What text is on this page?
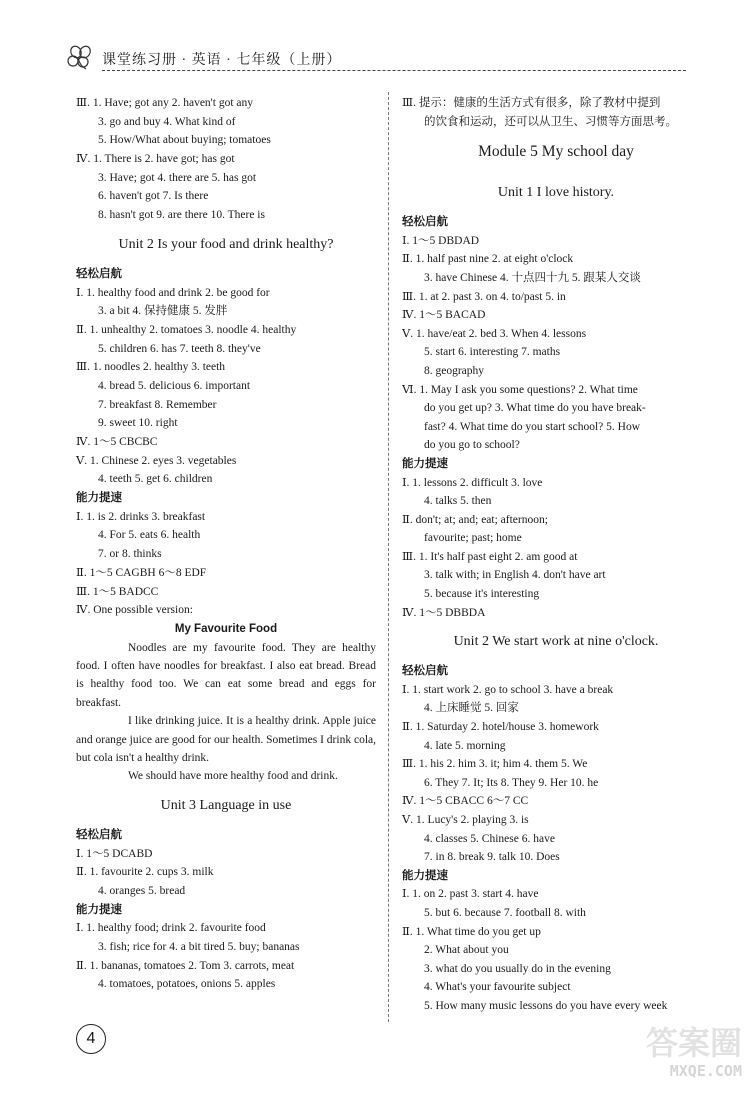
课堂练习册 · 英语 · 七年级（上册）
Ⅲ. 1. Have; got any 2. haven't got any
3. go and buy 4. What kind of
5. How/What about buying; tomatoes
Ⅳ. 1. There is 2. have got; has got
3. Have; got 4. there are 5. has got
6. haven't got 7. Is there
8. hasn't got 9. are there 10. There is
Unit 2 Is your food and drink healthy?
轻松启航
Ⅰ. 1. healthy food and drink 2. be good for
3. a bit 4. 保持健康 5. 发胖
Ⅱ. 1. unhealthy 2. tomatoes 3. noodle 4. healthy
5. children 6. has 7. teeth 8. they've
Ⅲ. 1. noodles 2. healthy 3. teeth
4. bread 5. delicious 6. important
7. breakfast 8. Remember
9. sweet 10. right
Ⅳ. 1～5 CBCBC
Ⅴ. 1. Chinese 2. eyes 3. vegetables
4. teeth 5. get 6. children
能力提速
Ⅰ. 1. is 2. drinks 3. breakfast
4. For 5. eats 6. health
7. or 8. thinks
Ⅱ. 1～5 CAGBH 6～8 EDF
Ⅲ. 1～5 BADCC
Ⅳ. One possible version:
My Favourite Food

Noodles are my favourite food. They are healthy food. I often have noodles for breakfast. I also eat bread. Bread is healthy food too. We can eat some bread and eggs for breakfast.

I like drinking juice. It is a healthy drink. Apple juice and orange juice are good for our health. Sometimes I drink cola, but cola isn't a healthy drink.

We should have more healthy food and drink.

Unit 3 Language in use
轻松启航
Ⅰ. 1～5 DCABD
Ⅱ. 1. favourite 2. cups 3. milk
4. oranges 5. bread
能力提速
Ⅰ. 1. healthy food; drink 2. favourite food
3. fish; rice for 4. a bit tired 5. buy; bananas
Ⅱ. 1. bananas, tomatoes 2. Tom 3. carrots, meat
4. tomatoes, potatoes, onions 5. apples
Ⅲ. 提示：健康的生活方式有很多，除了教材中提到
的饮食和运动，还可以从卫生、习惯等方面思考。
Module 5 My school day
Unit 1 I love history.
轻松启航
Ⅰ. 1～5 DBDAD
Ⅱ. 1. half past nine 2. at eight o'clock
3. have Chinese 4. 十点四十九 5. 跟某人交谈
Ⅲ. 1. at 2. past 3. on 4. to/past 5. in
Ⅳ. 1～5 BACAD
Ⅴ. 1. have/eat 2. bed 3. When 4. lessons
5. start 6. interesting 7. maths
8. geography
Ⅵ. 1. May I ask you some questions? 2. What time
do you get up? 3. What time do you have break-
fast? 4. What time do you start school? 5. How
do you go to school?
能力提速
Ⅰ. 1. lessons 2. difficult 3. love
4. talks 5. then
Ⅱ. don't; at; and; eat; afternoon;
favourite; past; home
Ⅲ. 1. It's half past eight 2. am good at
3. talk with; in English 4. don't have art
5. because it's interesting
Ⅳ. 1～5 DBBDA
Unit 2 We start work at nine o'clock.
轻松启航
Ⅰ. 1. start work 2. go to school 3. have a break
4. 上床睡觉 5. 回家
Ⅱ. 1. Saturday 2. hotel/house 3. homework
4. late 5. morning
Ⅲ. 1. his 2. him 3. it; him 4. them 5. We
6. They 7. It; Its 8. They 9. Her 10. he
Ⅳ. 1～5 CBACC 6～7 CC
Ⅴ. 1. Lucy's 2. playing 3. is
4. classes 5. Chinese 6. have
7. in 8. break 9. talk 10. Does
能力提速
Ⅰ. 1. on 2. past 3. start 4. have
5. but 6. because 7. football 8. with
Ⅱ. 1. What time do you get up
2. What about you
3. what do you usually do in the evening
4. What's your favourite subject
5. How many music lessons do you have every week
4	答案圈
MXQE.COM
